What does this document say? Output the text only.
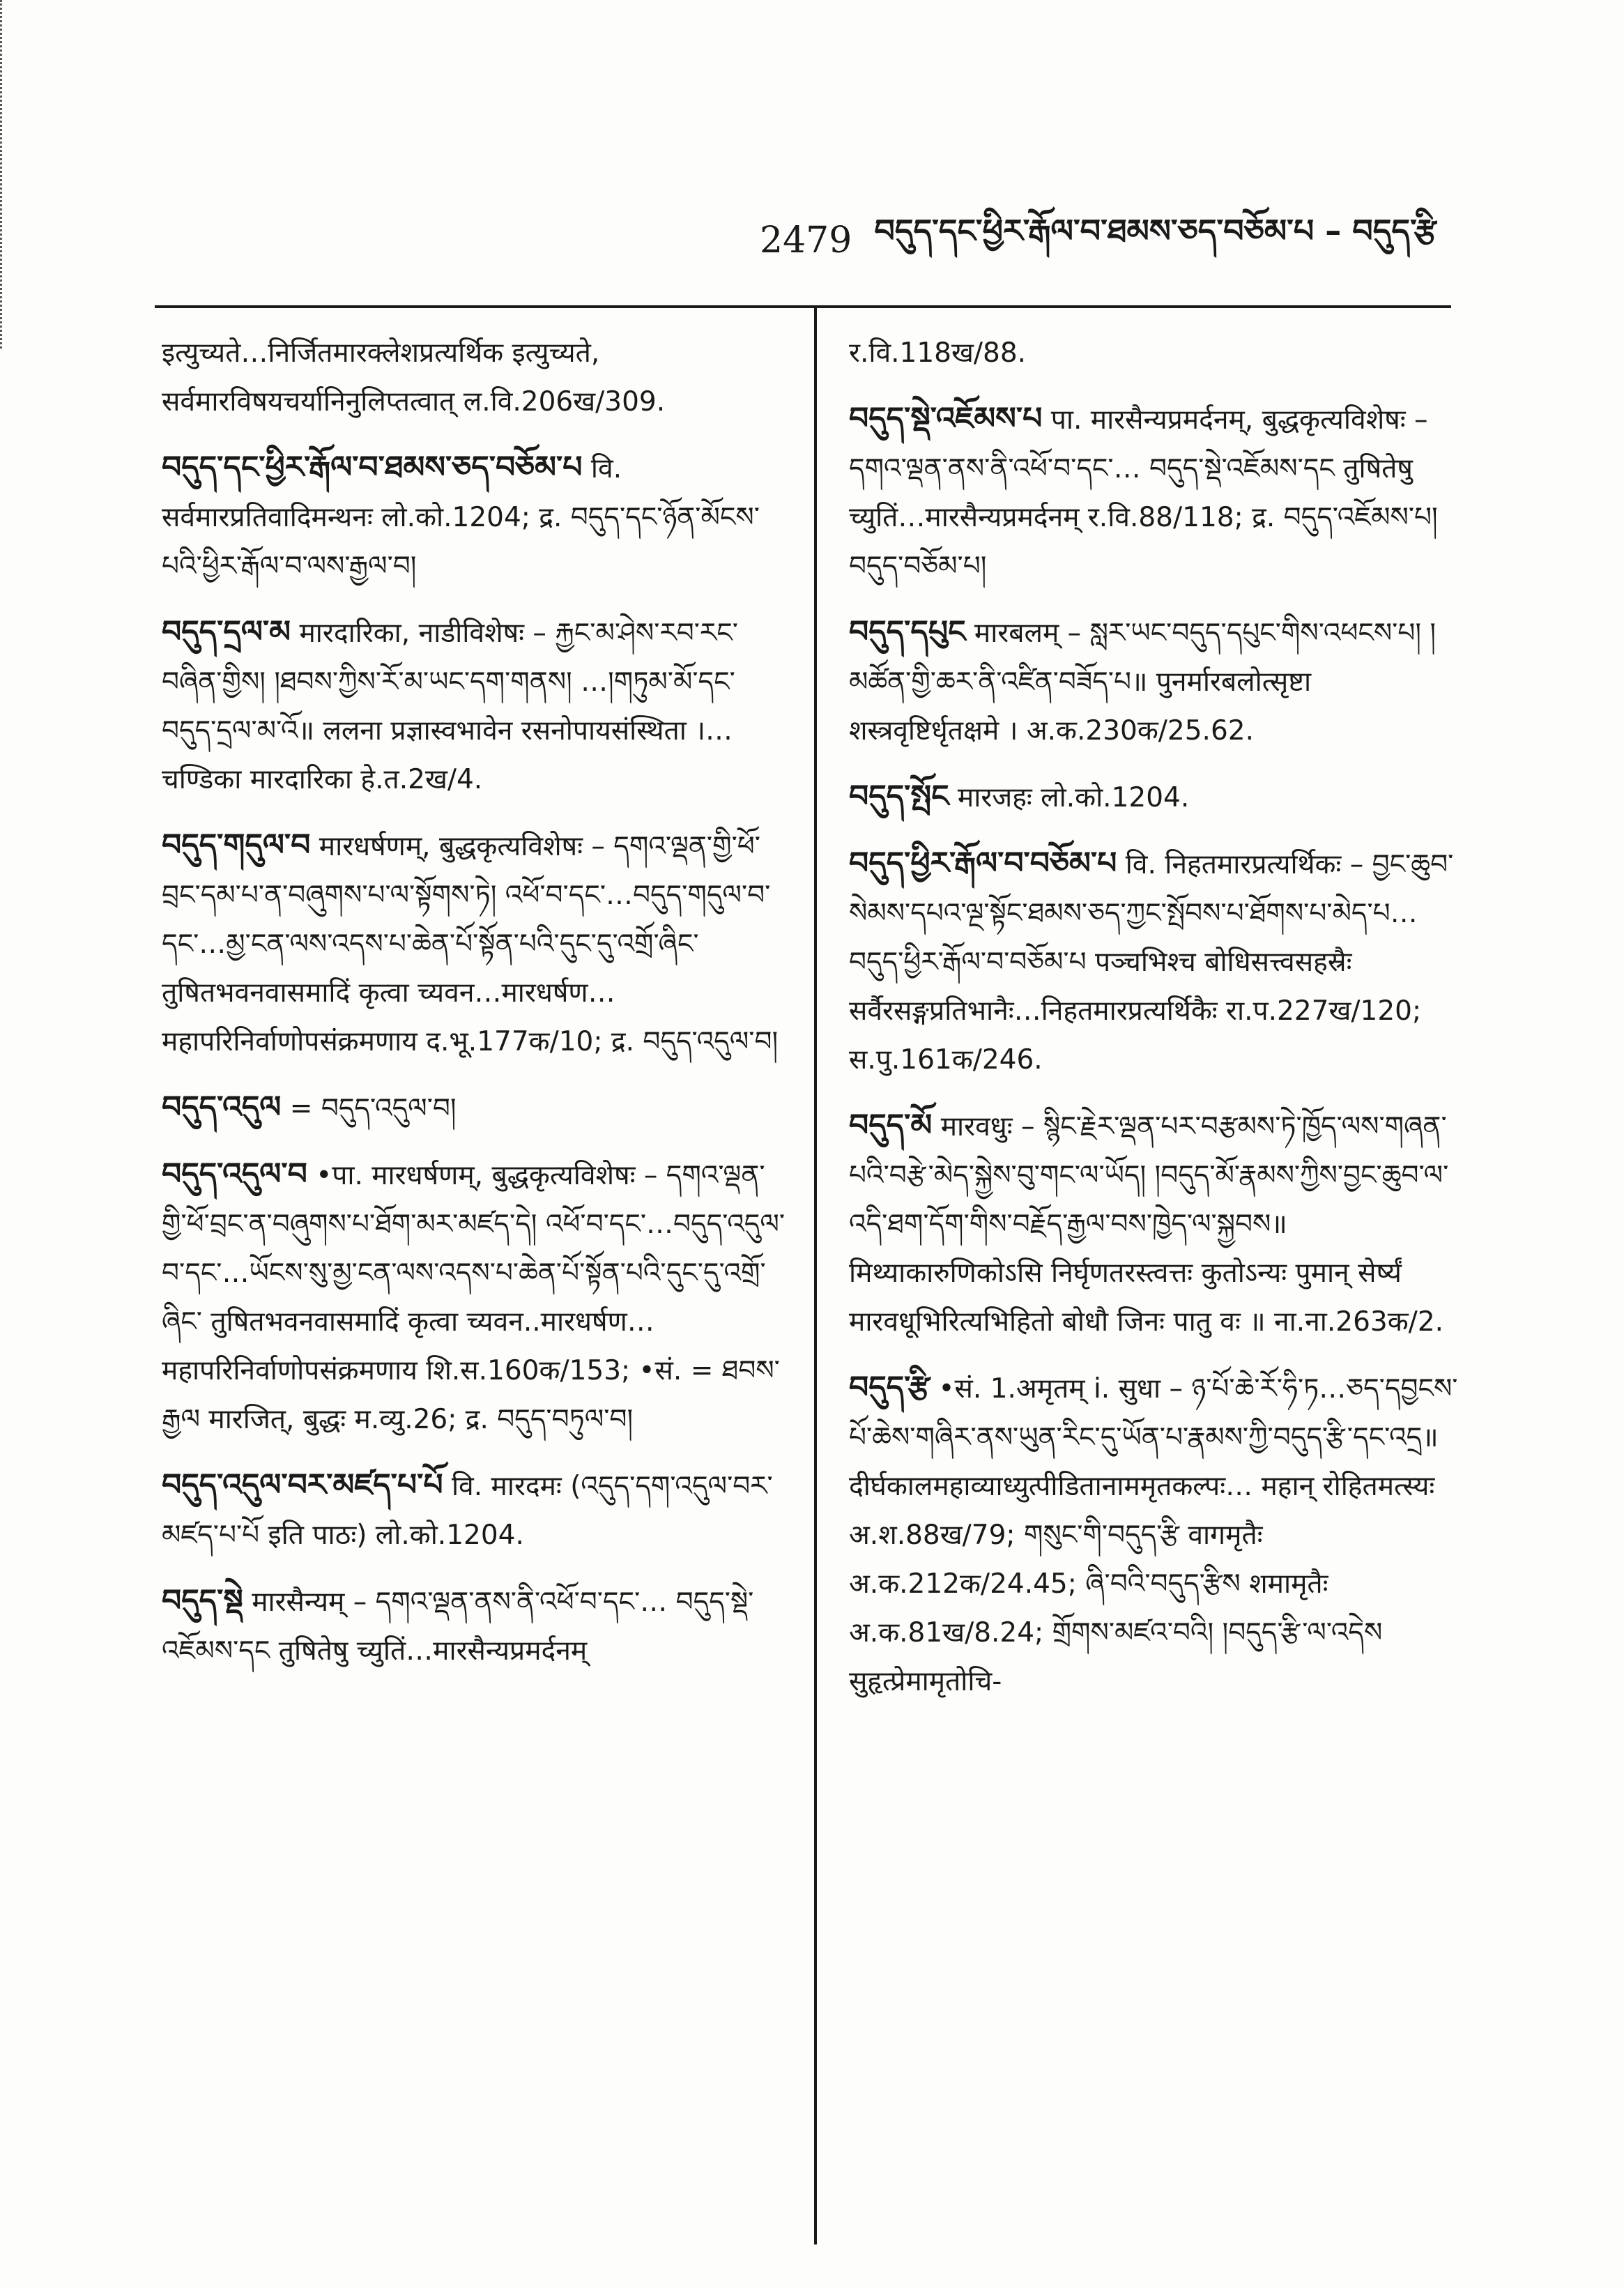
2479 བདུད་དང་ཕྱིར་རྒོལ་བ་ཐམས་ཅད་བཅོམ་པ – བདུད་རྩི

इत्युच्यते…निर्जितमारक्लेशप्रत्यर्थिक इत्युच्यते, सर्वमारविषयचर्यानिनुलिप्तत्वात् ल.वि.206ख/309.

བདུད་དང་ཕྱིར་རྒོལ་བ་ཐམས་ཅད་བཅོམ་པ वि. सर्वमारप्रतिवादिमन्थनः लो.को.1204; द्र. བདུད་དང་ཉོན་མོངས་པའི་ཕྱིར་རྒོལ་བ་ལས་རྒྱལ་བ།

བདུད་དྲལ་མ मारदारिका, नाडीविशेषः – རྐྱང་མ་ཤེས་རབ་རང་བཞིན་གྱིས། །ཐབས་ཀྱིས་རོ་མ་ཡང་དག་གནས། …།གཏུམ་མོ་དང་བདུད་དྲལ་མ་འོ॥ ललना प्रज्ञास्वभावेन रसनोपायसंस्थिता ।…चण्डिका मारदारिका हे.त.2ख/4.

བདུད་གདུལ་བ मारधर्षणम्, बुद्धकृत्यविशेषः – དགའ་ལྡན་གྱི་ཕོ་བྲང་དམ་པ་ན་བཞུགས་པ་ལ་སྟོགས་ཏེ། འཕོ་བ་དང་…བདུད་གདུལ་བ་དང་…མྱ་ངན་ལས་འདས་པ་ཆེན་པོ་སྟོན་པའི་དུང་དུ་འགྲོ་ཞིང་ तुषितभवनवासमादिं कृत्वा च्यवन…मारधर्षण…महापरिनिर्वाणोपसंक्रमणाय द.भू.177क/10; द्र. བདུད་འདུལ་བ།

བདུད་འདུལ = བདུད་འདུལ་བ།

བདུད་འདུལ་བ •पा. मारधर्षणम्, बुद्धकृत्यविशेषः – དགའ་ལྡན་གྱི་ཕོ་བྲང་ན་བཞུགས་པ་ཐོག་མར་མཛད་དེ། འཕོ་བ་དང་…བདུད་འདུལ་བ་དང་…ཡོངས་སུ་མྱ་ངན་ལས་འདས་པ་ཆེན་པོ་སྟོན་པའི་དུང་དུ་འགྲོ་ཞིང་ तुषितभवनवासमादिं कृत्वा च्यवन..मारधर्षण…महापरिनिर्वाणोपसंक्रमणाय शि.स.160क/153; •सं. = ཐབས་རྒྱལ मारजित्, बुद्धः म.व्यु.26; द्र. བདུད་བཏུལ་བ།

བདུད་འདུལ་བར་མཛད་པ་པོ वि. मारदमः (འདུད་དག་འདུལ་བར་མཛད་པ་པོ इति पाठः) लो.को.1204.

བདུད་སྡེ मारसैन्यम् – དགའ་ལྡན་ནས་ནི་འཕོ་བ་དང་… བདུད་སྡེ་འཇོམས་དང तुषितेषु च्युतिं…मारसैन्यप्रमर्दनम्

र.वि.118ख/88.

བདུད་སྡེ་འཇོམས་པ पा. मारसैन्यप्रमर्दनम्, बुद्धकृत्यविशेषः – དགའ་ལྡན་ནས་ནི་འཕོ་བ་དང་… བདུད་སྡེ་འཇོམས་དང तुषितेषु च्युतिं…मारसैन्यप्रमर्दनम् र.वि.88/118; द्र. བདུད་འཇོམས་པ། བདུད་བཅོམ་པ།

བདུད་དཔུང मारबलम् – སླར་ཡང་བདུད་དཔུང་གིས་འཕངས་པ། །མཚོན་གྱི་ཆར་ནི་འཛིན་བཟོད་པ॥ पुनर्मारबलोत्सृष्टा शस्त्रवृष्टिर्धृतक्षमे । अ.क.230क/25.62.

བདུད་སྤོང मारजहः लो.को.1204.

བདུད་ཕྱིར་རྒོལ་བ་བཅོམ་པ वि. निहतमारप्रत्यर्थिकः – བྱང་ཆུབ་སེམས་དཔའ་ལྔ་སྟོང་ཐམས་ཅད་ཀྱང་སྤོབས་པ་ཐོགས་པ་མེད་པ…བདུད་ཕྱིར་རྒོལ་བ་བཅོམ་པ पञ्चभिश्च बोधिसत्त्वसहस्रैः सर्वैरसङ्गप्रतिभानैः…निहतमारप्रत्यर्थिकैः रा.प.227ख/120; स.पु.161क/246.

བདུད་མོ मारवधुः – སྙིང་རྗེར་ལྡན་པར་བརྩམས་ཏེ་ཁྱོད་ལས་གཞན་པའི་བརྩེ་མེད་སྐྱེས་བུ་གང་ལ་ཡོད། །བདུད་མོ་རྣམས་ཀྱིས་བྱང་ཆུབ་ལ་འདི་ཐག་དོག་གིས་བརྗོད་རྒྱལ་བས་ཁྱེད་ལ་སྐྱབས॥ मिथ्याकारुणिकोऽसि निर्घृणतरस्त्वत्तः कुतोऽन्यः पुमान् सेर्ष्यं मारवधूभिरित्यभिहितो बोधौ जिनः पातु वः ॥ ना.ना.263क/2.

བདུད་རྩི •सं. 1.अमृतम् i. सुधा – ཉ་པོ་ཆེ་རོ་ཧི་ཏ…ཅད་དབྱངས་པོ་ཆེས་གཞིར་ནས་ཡུན་རིང་དུ་ཡོན་པ་རྣམས་ཀྱི་བདུད་རྩི་དང་འདྲ॥ दीर्घकालमहाव्याध्युत्पीडितानाममृतकल्पः… महान् रोहितमत्स्यः अ.श.88ख/79; གསུང་གི་བདུད་རྩི वागमृतैः अ.क.212क/24.45; ཞི་བའི་བདུད་རྩིས शमामृतैः अ.क.81ख/8.24; གྲོགས་མཛའ་བའི། །བདུད་རྩི་ལ་འདེས सुहृत्प्रेमामृतोचि-
